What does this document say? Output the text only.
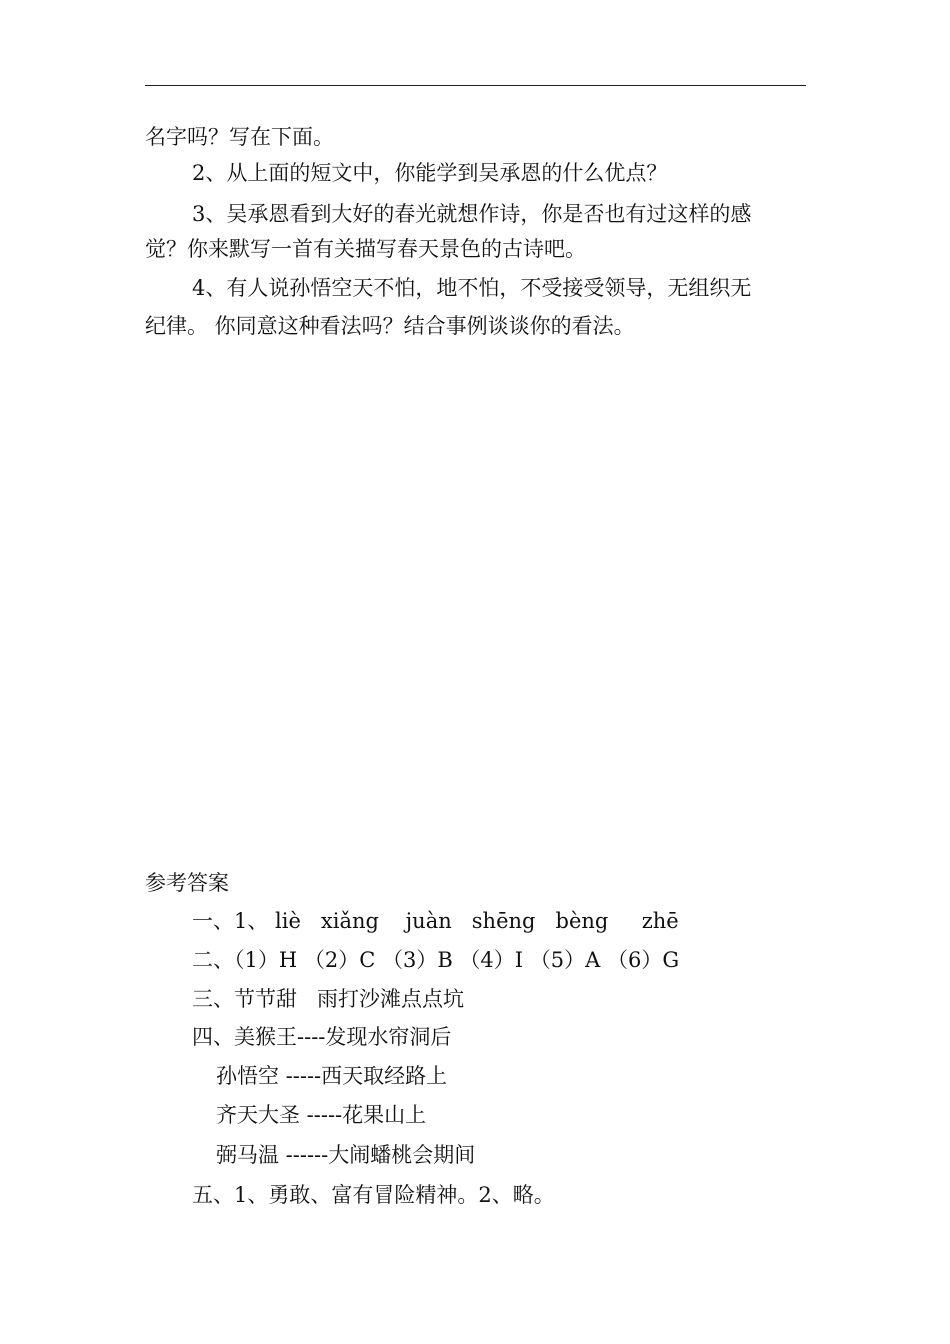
名字吗？写在下面。
2、从上面的短文中，你能学到吴承恩的什么优点？
3、吴承恩看到大好的春光就想作诗，你是否也有过这样的感
觉？你来默写一首有关描写春天景色的古诗吧。
4、有人说孙悟空天不怕，地不怕，不受接受领导，无组织无
纪律。 你同意这种看法吗？结合事例谈谈你的看法。
参考答案
一、1、 liè   xiǎng    juàn   shēng   bèng     zhē
二、（1）H （2）C （3）B （4）I （5）A （6）G
三、节节甜   雨打沙滩点点坑
四、美猴王----发现水帘洞后
孙悟空 -----西天取经路上
齐天大圣 -----花果山上
弼马温 ------大闹蟠桃会期间
五、1、勇敢、富有冒险精神。2、略。
